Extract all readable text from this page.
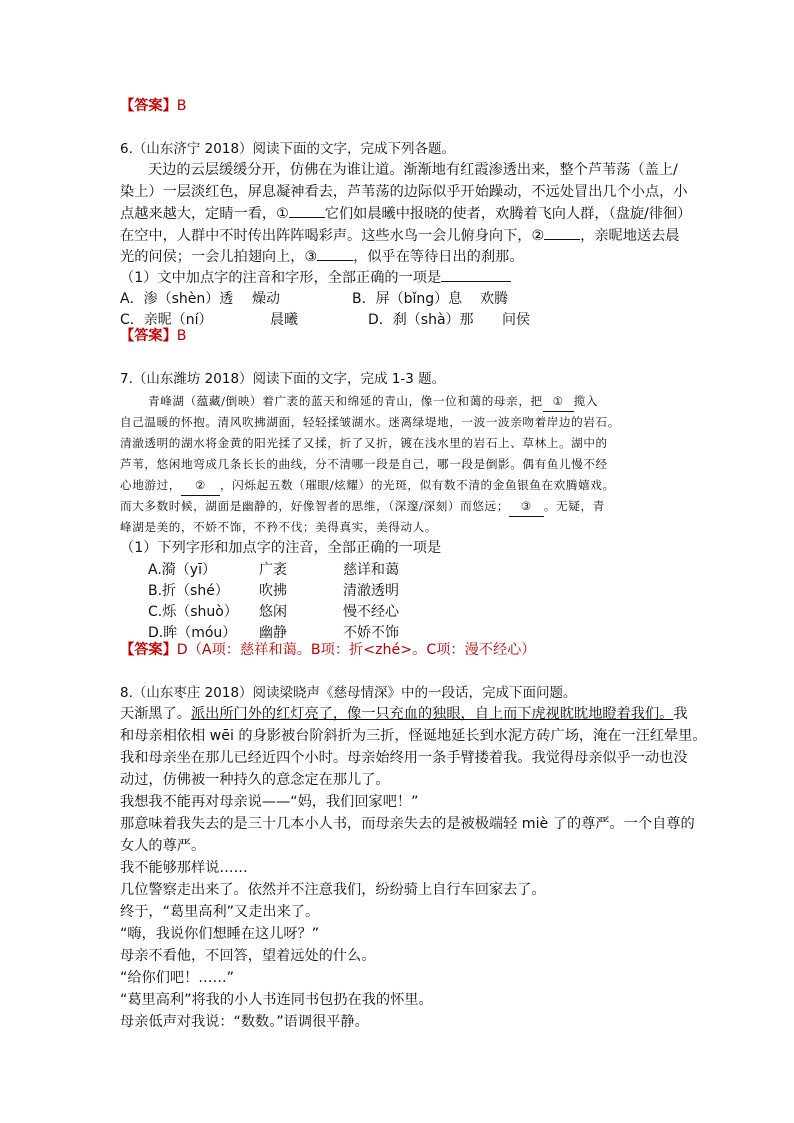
【答案】B
6.（山东济宁 2018）阅读下面的文字，完成下列各题。
天边的云层缓缓分开，仿佛在为谁让道。渐渐地有红霞渗透出来，整个芦苇荡（盖上/
染上）一层淡红色，屏息凝神看去，芦苇荡的边际似乎开始躁动，不远处冒出几个小点，小
点越来越大，定睛一看，①	它们如晨曦中报晓的使者，欢腾着飞向人群，（盘旋/徘徊）
在空中，人群中不时传出阵阵喝彩声。这些水鸟一会儿俯身向下，②	，亲昵地送去晨
光的问侯；一会儿拍翅向上，③	，似乎在等待日出的刹那。
（1）文中加点字的注音和字形，全部正确的一项是
A．渗（shèn）透 燥动	B．屏（bǐng）息 欢腾
C．亲昵（ní）	晨曦	D．刹（shà）那 问侯
【答案】B
7.（山东潍坊 2018）阅读下面的文字，完成 1-3 题。
青峰湖（蕴藏/倒映）着广袤的蓝天和绵延的青山，像一位和蔼的母亲，把 ① 揽入
自己温暖的怀抱。清风吹拂湖面，轻轻揉皱湖水。迷离绿堤地，一波一波亲吻着岸边的岩石。
清澈透明的湖水将金黄的阳光揉了又揉，折了又折，镀在浅水里的岩石上、草林上。湖中的
芦苇，悠闲地弯成几条长长的曲线，分不清哪一段是自己，哪一段是倒影。偶有鱼儿慢不经
心地游过， ② ，闪烁起五数（璀眼/炫耀）的光斑，似有数不清的金鱼银鱼在欢腾嬉戏。
而大多数时候，湖面是幽静的，好像智者的思维，（深邃/深刻）而悠远； ③ 。无疑，青
峰湖是美的，不娇不饰，不矜不伐；美得真实，美得动人。
（1）下列字形和加点字的注音，全部正确的一项是
A.漪（yī）	广袤	慈详和蔼
B.折（shé） 吹拂	清澈透明
C.烁（shuò） 悠闲	慢不经心
D.眸（móu） 幽静	不娇不饰
【答案】D（A项：慈祥和蔼。B项：折<zhé>。C项：漫不经心）
8.（山东枣庄 2018）阅读梁晓声《慈母情深》中的一段话，完成下面问题。
天渐黑了。派出所门外的红灯亮了，像一只充血的独眼，自上而下虎视眈眈地瞪着我们。我
和母亲相依相 wēi 的身影被台阶斜折为三折，怪诞地延长到水泥方砖广场，淹在一汪红晕里。
我和母亲坐在那儿已经近四个小时。母亲始终用一条手臂搂着我。我觉得母亲似乎一动也没
动过，仿佛被一种持久的意念定在那儿了。
我想我不能再对母亲说——“妈，我们回家吧！”
那意味着我失去的是三十几本小人书，而母亲失去的是被极端轻 miè 了的尊严。一个自尊的
女人的尊严。
我不能够那样说……
几位警察走出来了。依然并不注意我们，纷纷骑上自行车回家去了。
终于，“葛里高利”又走出来了。
“嗨，我说你们想睡在这儿呀？”
母亲不看他，不回答，望着远处的什么。
“给你们吧！……”
“葛里高利”将我的小人书连同书包扔在我的怀里。
母亲低声对我说：“数数。”语调很平静。
